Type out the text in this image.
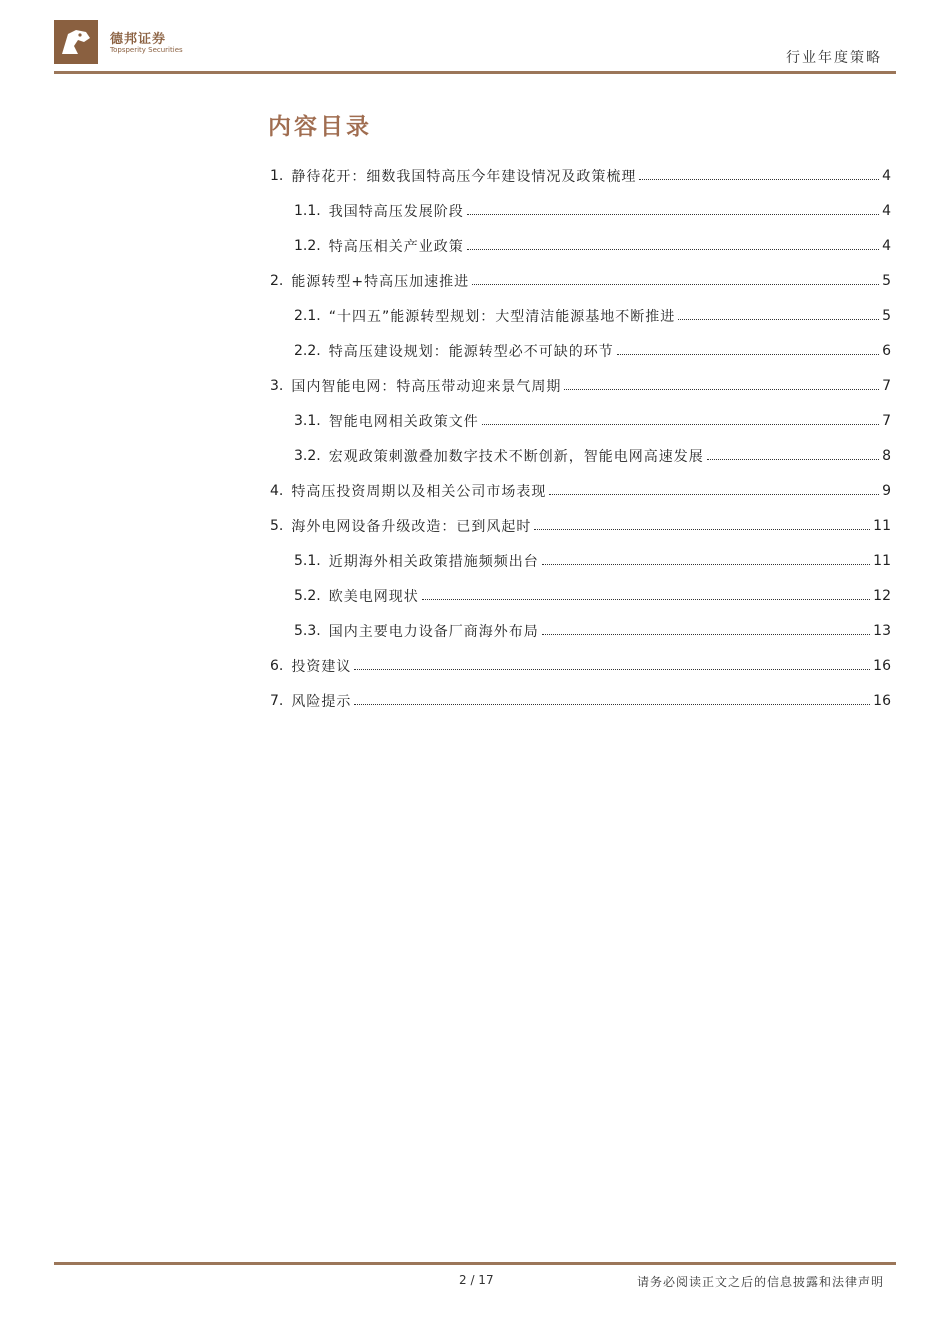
德邦证券
Topsperity Securities	行业年度策略
内容目录
1. 静待花开：细数我国特高压今年建设情况及政策梳理	4
1.1. 我国特高压发展阶段	4
1.2. 特高压相关产业政策	4
2. 能源转型+特高压加速推进	5
2.1. “十四五”能源转型规划：大型清洁能源基地不断推进	5
2.2. 特高压建设规划：能源转型必不可缺的环节	6
3. 国内智能电网：特高压带动迎来景气周期	7
3.1. 智能电网相关政策文件	7
3.2. 宏观政策刺激叠加数字技术不断创新，智能电网高速发展	8
4. 特高压投资周期以及相关公司市场表现	9
5. 海外电网设备升级改造：已到风起时	11
5.1. 近期海外相关政策措施频频出台	11
5.2. 欧美电网现状	12
5.3. 国内主要电力设备厂商海外布局	13
6. 投资建议	16
7. 风险提示	16
2 / 17	请务必阅读正文之后的信息披露和法律声明
